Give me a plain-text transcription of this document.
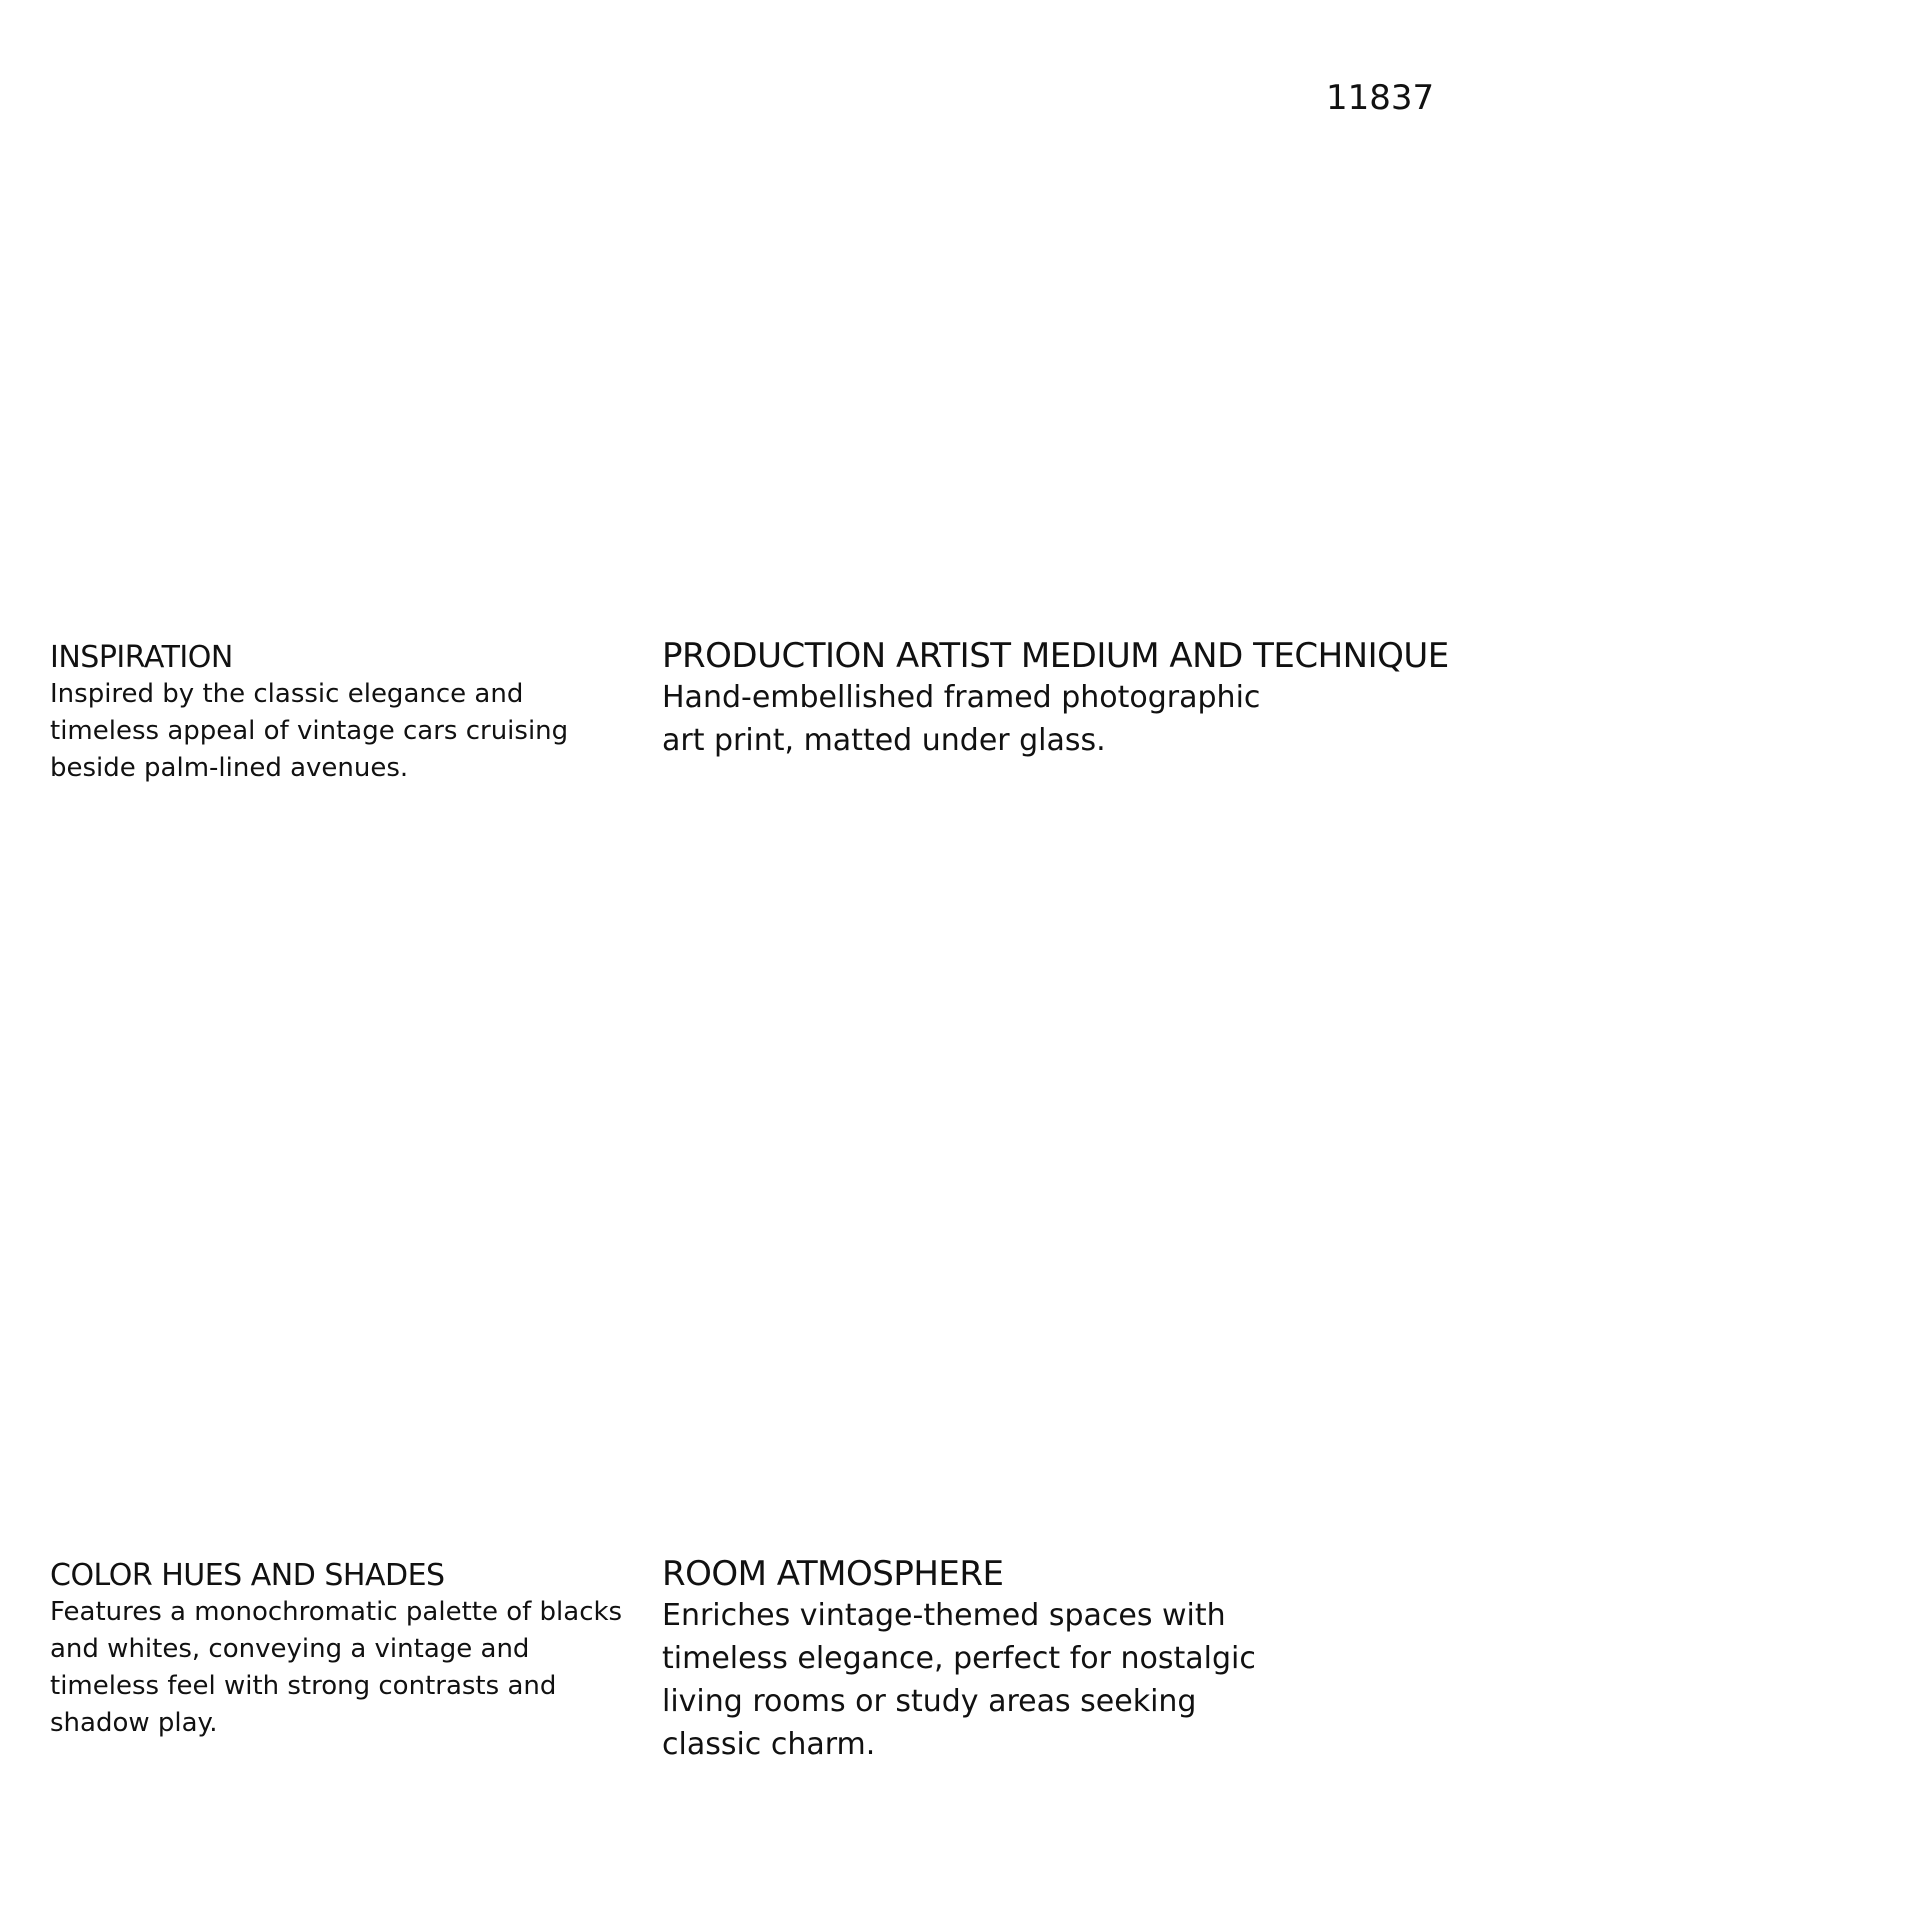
11837
INSPIRATION

Inspired by the classic elegance and timeless appeal of vintage cars cruising beside palm-lined avenues.

PRODUCTION ARTIST MEDIUM AND TECHNIQUE

Hand-embellished framed photographic art print, matted under glass.

COLOR HUES AND SHADES

Features a monochromatic palette of blacks and whites, conveying a vintage and timeless feel with strong contrasts and shadow play.

ROOM ATMOSPHERE

Enriches vintage-themed spaces with timeless elegance, perfect for nostalgic living rooms or study areas seeking classic charm.
